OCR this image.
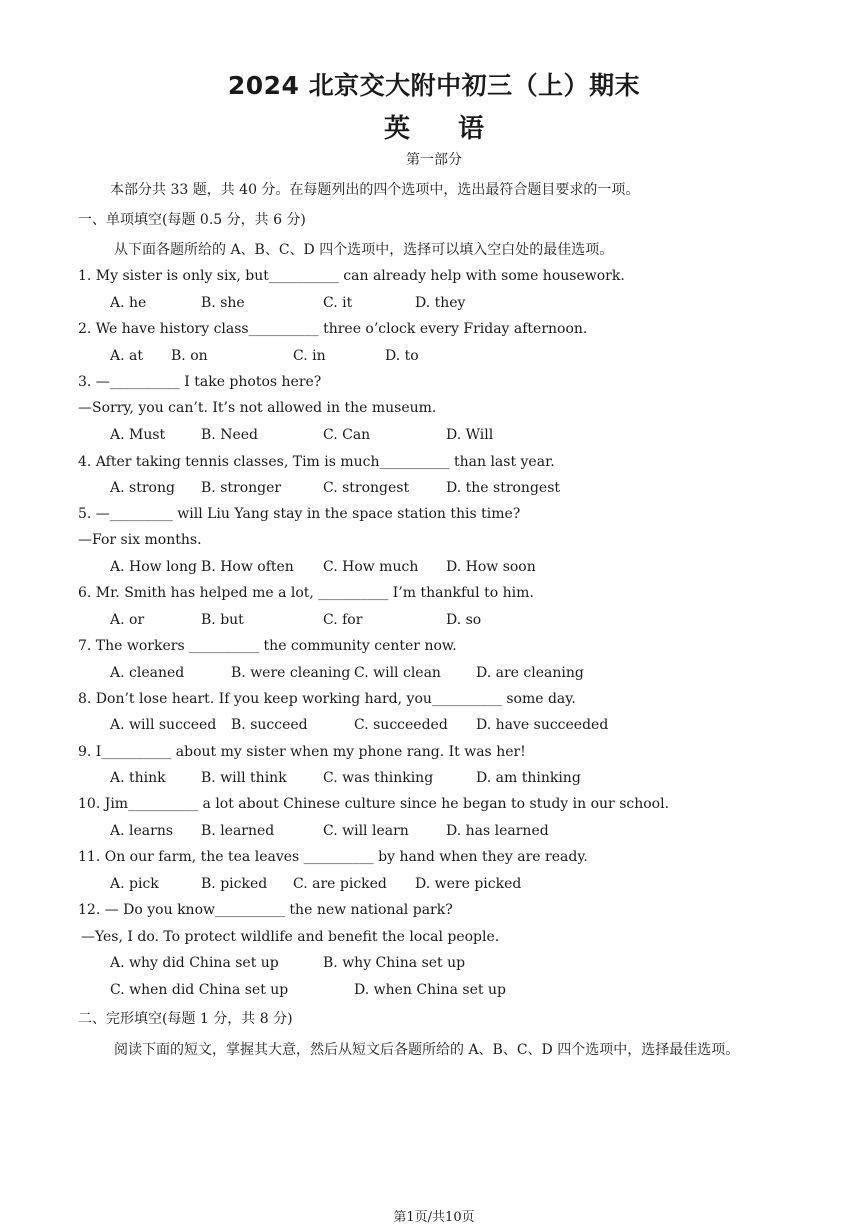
2024 北京交大附中初三（上）期末
英 语
第一部分
本部分共 33 题，共 40 分。在每题列出的四个选项中，选出最符合题目要求的一项。
一、单项填空(每题 0.5 分，共 6 分)
从下面各题所给的 A、B、C、D 四个选项中，选择可以填入空白处的最佳选项。
1. My sister is only six, but__________ can already help with some housework.
A. he	B. she	C. it	D. they
2. We have history class__________ three o’clock every Friday afternoon.
A. at B. on	C. in	D. to
3. —__________ I take photos here?
—Sorry, you can’t. It’s not allowed in the museum.
A. Must	B. Need	C. Can	D. Will
4. After taking tennis classes, Tim is much__________ than last year.
A. strong B. stronger	C. strongest	D. the strongest
5. —_________ will Liu Yang stay in the space station this time?
—For six months.
A. How long B. How often C. How much D. How soon
6. Mr. Smith has helped me a lot, __________ I’m thankful to him.
A. or	B. but	C. for	D. so
7. The workers __________ the community center now.
A. cleaned	B. were cleaning C. will clean	D. are cleaning
8. Don’t lose heart. If you keep working hard, you__________ some day.
A. will succeed B. succeed	C. succeeded D. have succeeded
9. I__________ about my sister when my phone rang. It was her!
A. think	B. will think	C. was thinking	D. am thinking
10. Jim__________ a lot about Chinese culture since he began to study in our school.
A. learns B. learned	C. will learn	D. has learned
11. On our farm, the tea leaves __________ by hand when they are ready.
A. pick	B. picked C. are picked D. were picked
12. — Do you know__________ the new national park?
—Yes, I do. To protect wildlife and benefit the local people.
A. why did China set up	B. why China set up
C. when did China set up	D. when China set up
二、完形填空(每题 1 分，共 8 分)
阅读下面的短文，掌握其大意，然后从短文后各题所给的 A、B、C、D 四个选项中，选择最佳选项。
第1页/共10页
